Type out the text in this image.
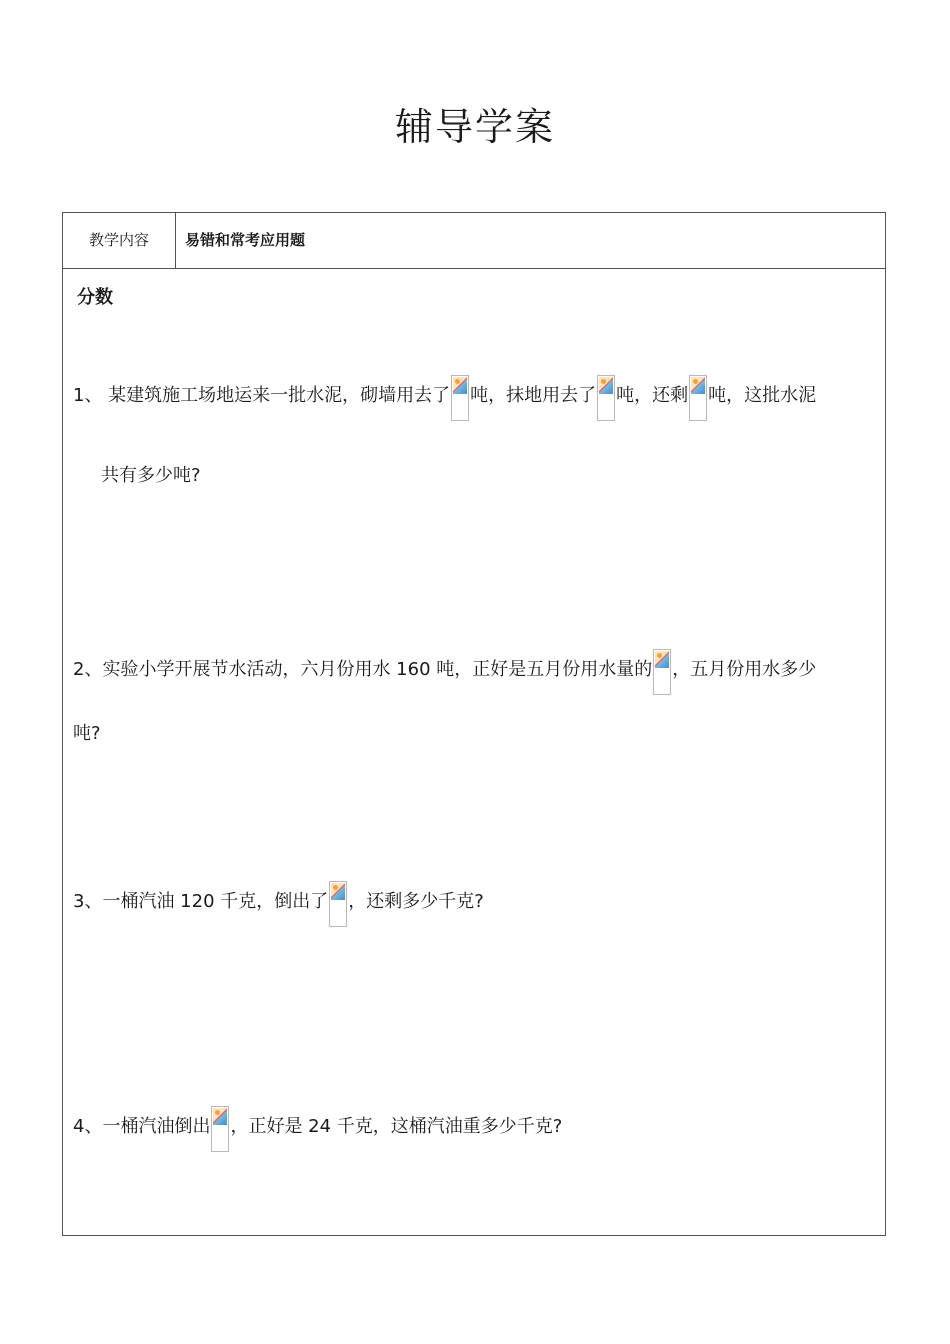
辅导学案
教学内容	易错和常考应用题
分数
1、 某建筑施工场地运来一批水泥，砌墙用去了 吨，抹地用去了 吨，还剩 吨，这批水泥
共有多少吨?
2、实验小学开展节水活动，六月份用水 160 吨，正好是五月份用水量的 ，五月份用水多少
吨?
3、一桶汽油 120 千克，倒出了 ，还剩多少千克?
4、一桶汽油倒出 ，正好是 24 千克，这桶汽油重多少千克?
